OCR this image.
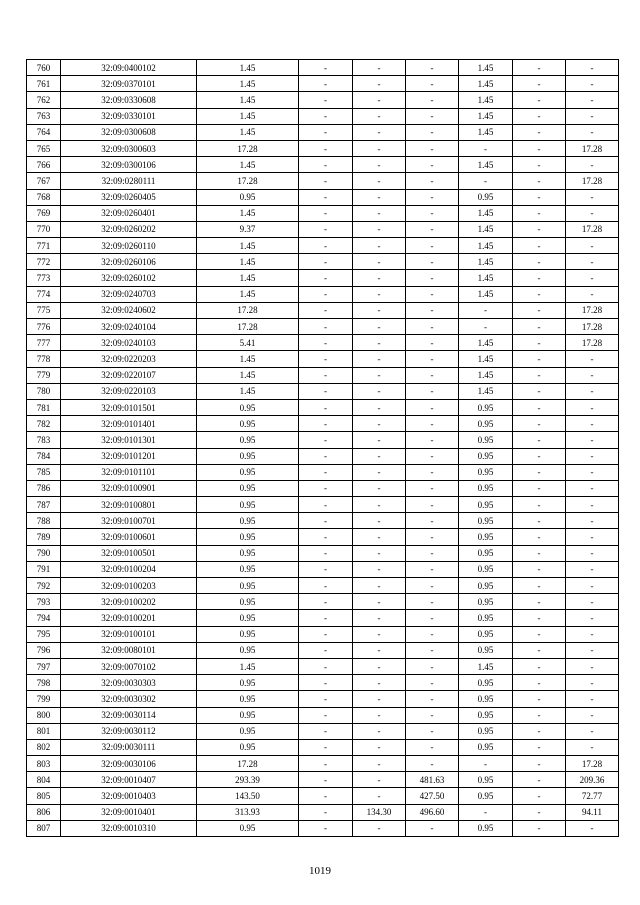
760	32:09:0400102	1.45	-	-	-	1.45	-	-
761	32:09:0370101	1.45	-	-	-	1.45	-	-
762	32:09:0330608	1.45	-	-	-	1.45	-	-
763	32:09:0330101	1.45	-	-	-	1.45	-	-
764	32:09:0300608	1.45	-	-	-	1.45	-	-
765	32:09:0300603	17.28	-	-	-	-	-	17.28
766	32:09:0300106	1.45	-	-	-	1.45	-	-
767	32:09:0280111	17.28	-	-	-	-	-	17.28
768	32:09:0260405	0.95	-	-	-	0.95	-	-
769	32:09:0260401	1.45	-	-	-	1.45	-	-
770	32:09:0260202	9.37	-	-	-	1.45	-	17.28
771	32:09:0260110	1.45	-	-	-	1.45	-	-
772	32:09:0260106	1.45	-	-	-	1.45	-	-
773	32:09:0260102	1.45	-	-	-	1.45	-	-
774	32:09:0240703	1.45	-	-	-	1.45	-	-
775	32:09:0240602	17.28	-	-	-	-	-	17.28
776	32:09:0240104	17.28	-	-	-	-	-	17.28
777	32:09:0240103	5.41	-	-	-	1.45	-	17.28
778	32:09:0220203	1.45	-	-	-	1.45	-	-
779	32:09:0220107	1.45	-	-	-	1.45	-	-
780	32:09:0220103	1.45	-	-	-	1.45	-	-
781	32:09:0101501	0.95	-	-	-	0.95	-	-
782	32:09:0101401	0.95	-	-	-	0.95	-	-
783	32:09:0101301	0.95	-	-	-	0.95	-	-
784	32:09:0101201	0.95	-	-	-	0.95	-	-
785	32:09:0101101	0.95	-	-	-	0.95	-	-
786	32:09:0100901	0.95	-	-	-	0.95	-	-
787	32:09:0100801	0.95	-	-	-	0.95	-	-
788	32:09:0100701	0.95	-	-	-	0.95	-	-
789	32:09:0100601	0.95	-	-	-	0.95	-	-
790	32:09:0100501	0.95	-	-	-	0.95	-	-
791	32:09:0100204	0.95	-	-	-	0.95	-	-
792	32:09:0100203	0.95	-	-	-	0.95	-	-
793	32:09:0100202	0.95	-	-	-	0.95	-	-
794	32:09:0100201	0.95	-	-	-	0.95	-	-
795	32:09:0100101	0.95	-	-	-	0.95	-	-
796	32:09:0080101	0.95	-	-	-	0.95	-	-
797	32:09:0070102	1.45	-	-	-	1.45	-	-
798	32:09:0030303	0.95	-	-	-	0.95	-	-
799	32:09:0030302	0.95	-	-	-	0.95	-	-
800	32:09:0030114	0.95	-	-	-	0.95	-	-
801	32:09:0030112	0.95	-	-	-	0.95	-	-
802	32:09:0030111	0.95	-	-	-	0.95	-	-
803	32:09:0030106	17.28	-	-	-	-	-	17.28
804	32:09:0010407	293.39	-	-	481.63	0.95	-	209.36
805	32:09:0010403	143.50	-	-	427.50	0.95	-	72.77
806	32:09:0010401	313.93	-	134.30	496.60	-	-	94.11
807	32:09:0010310	0.95	-	-	-	0.95	-	-
1019
